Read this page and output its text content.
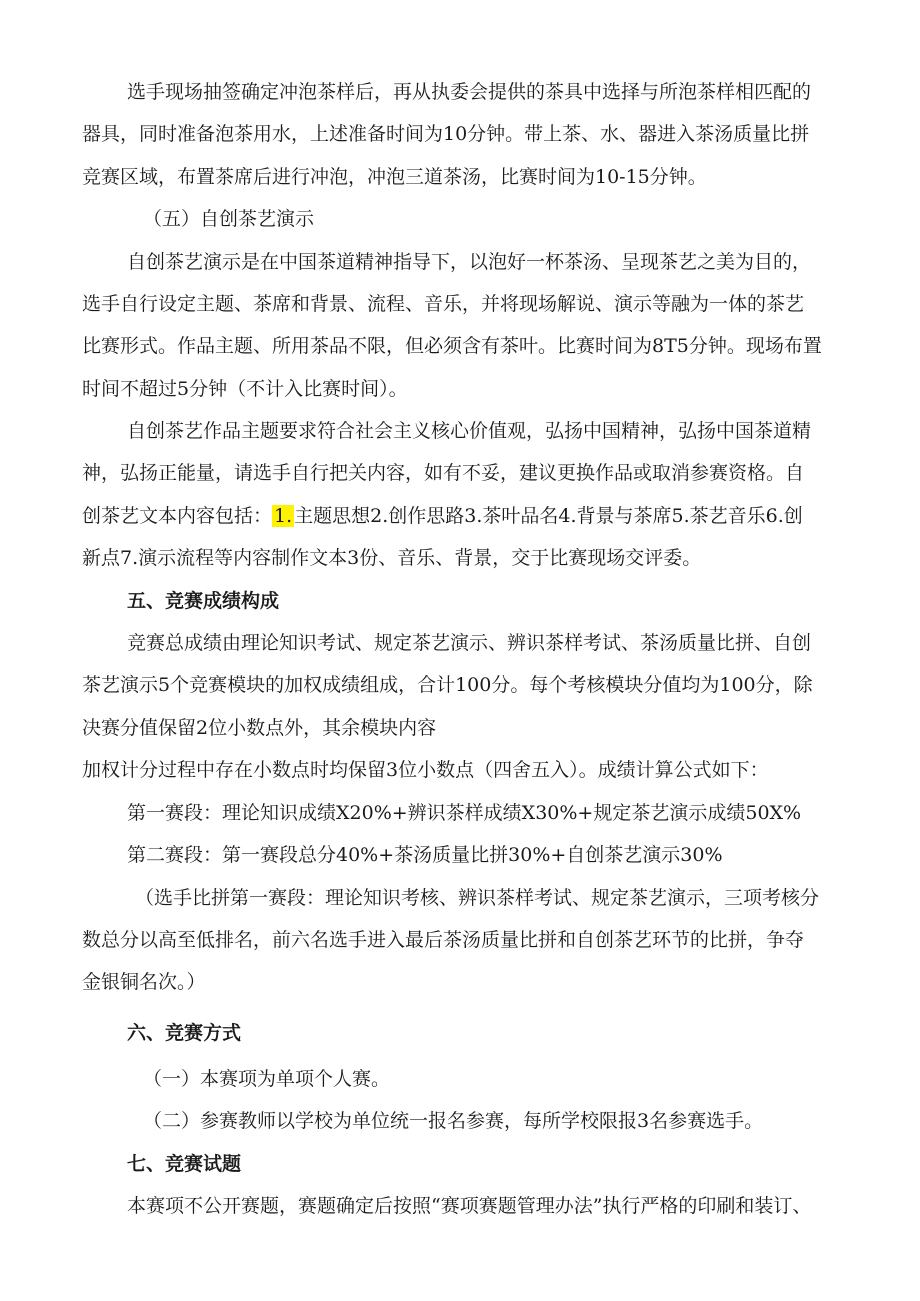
选手现场抽签确定冲泡茶样后，再从执委会提供的茶具中选择与所泡茶样相匹配的
器具，同时准备泡茶用水，上述准备时间为10分钟。带上茶、水、器进入茶汤质量比拼
竞赛区域，布置茶席后进行冲泡，冲泡三道茶汤，比赛时间为10-15分钟。
（五）自创茶艺演示
自创茶艺演示是在中国茶道精神指导下，以泡好一杯茶汤、呈现茶艺之美为目的，
选手自行设定主题、茶席和背景、流程、音乐，并将现场解说、演示等融为一体的茶艺
比赛形式。作品主题、所用茶品不限，但必须含有茶叶。比赛时间为8T5分钟。现场布置
时间不超过5分钟（不计入比赛时间）。
自创茶艺作品主题要求符合社会主义核心价值观，弘扬中国精神，弘扬中国茶道精
神，弘扬正能量，请选手自行把关内容，如有不妥，建议更换作品或取消参赛资格。自
创茶艺文本内容包括： 1. 主题思想2.创作思路3.茶叶品名4.背景与茶席5.茶艺音乐6.创
新点7.演示流程等内容制作文本3份、音乐、背景，交于比赛现场交评委。
五、竞赛成绩构成
竞赛总成绩由理论知识考试、规定茶艺演示、辨识茶样考试、茶汤质量比拼、自创
茶艺演示5个竞赛模块的加权成绩组成，合计100分。每个考核模块分值均为100分，除
决赛分值保留2位小数点外，其余模块内容
加权计分过程中存在小数点时均保留3位小数点（四舍五入）。成绩计算公式如下：
第一赛段：理论知识成绩X20%+辨识茶样成绩X30%+规定茶艺演示成绩50X%
第二赛段：第一赛段总分40%+茶汤质量比拼30%+自创茶艺演示30%
（选手比拼第一赛段：理论知识考核、辨识茶样考试、规定茶艺演示，三项考核分
数总分以高至低排名，前六名选手进入最后茶汤质量比拼和自创茶艺环节的比拼，争夺
金银铜名次。）
六、竞赛方式
（一）本赛项为单项个人赛。
（二）参赛教师以学校为单位统一报名参赛，每所学校限报3名参赛选手。
七、竞赛试题
本赛项不公开赛题，赛题确定后按照“赛项赛题管理办法”执行严格的印刷和装订、
